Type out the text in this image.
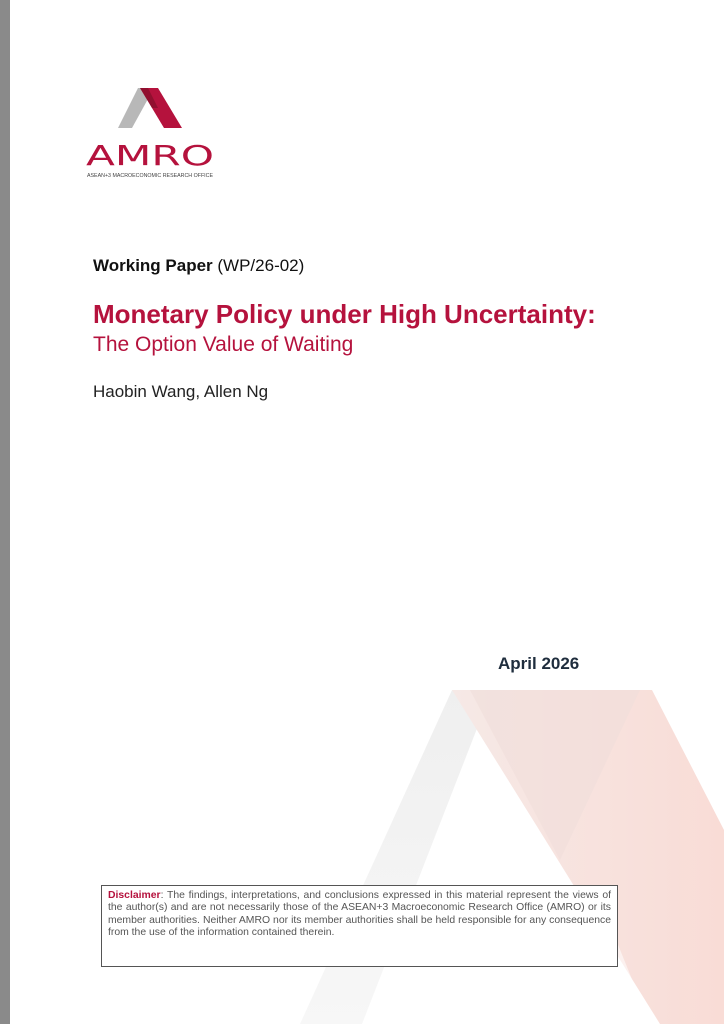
AMRO
ASEAN+3 MACROECONOMIC RESEARCH OFFICE
Working Paper (WP/26-02)
Monetary Policy under High Uncertainty:
The Option Value of Waiting
Haobin Wang, Allen Ng
April 2026
Disclaimer: The findings, interpretations, and conclusions expressed in this material represent the views of the author(s) and are not necessarily those of the ASEAN+3 Macroeconomic Research Office (AMRO) or its member authorities. Neither AMRO nor its member authorities shall be held responsible for any consequence from the use of the information contained therein.
